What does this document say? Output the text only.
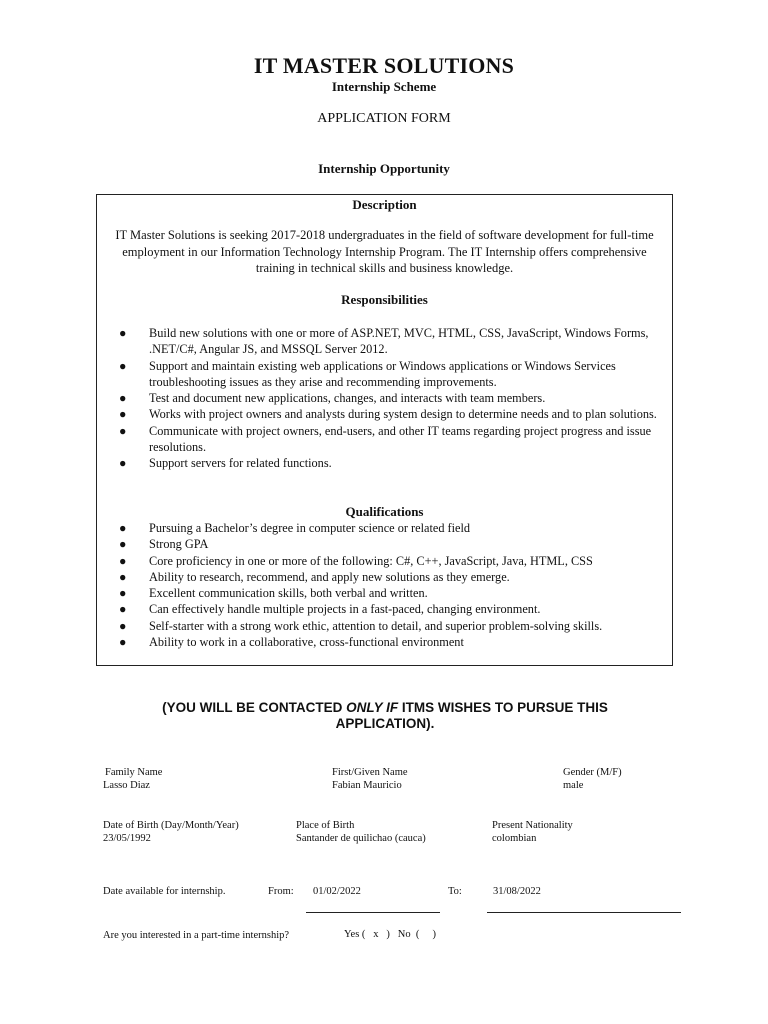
IT MASTER SOLUTIONS
Internship Scheme
APPLICATION FORM
Internship Opportunity
Description
IT Master Solutions is seeking 2017-2018 undergraduates in the field of software development for full-time employment in our Information Technology Internship Program. The IT Internship offers comprehensive training in technical skills and business knowledge.
Responsibilities
● Build new solutions with one or more of ASP.NET, MVC, HTML, CSS, JavaScript, Windows Forms, .NET/C#, Angular JS, and MSSQL Server 2012.
● Support and maintain existing web applications or Windows applications or Windows Services troubleshooting issues as they arise and recommending improvements.
● Test and document new applications, changes, and interacts with team members.
● Works with project owners and analysts during system design to determine needs and to plan solutions.
● Communicate with project owners, end-users, and other IT teams regarding project progress and issue resolutions.
● Support servers for related functions.
Qualifications
● Pursuing a Bachelor’s degree in computer science or related field
● Strong GPA
● Core proficiency in one or more of the following: C#, C++, JavaScript, Java, HTML, CSS
● Ability to research, recommend, and apply new solutions as they emerge.
● Excellent communication skills, both verbal and written.
● Can effectively handle multiple projects in a fast-paced, changing environment.
● Self-starter with a strong work ethic, attention to detail, and superior problem-solving skills.
● Ability to work in a collaborative, cross-functional environment
(YOU WILL BE CONTACTED ONLY IF ITMS WISHES TO PURSUE THIS APPLICATION).
Family Name
Lasso Diaz
First/Given Name
Fabian Mauricio
Gender (M/F)
male
Date of Birth (Day/Month/Year)
23/05/1992
Place of Birth
Santander de quilichao (cauca)
Present Nationality
colombian
Date available for internship.	From: 01/02/2022	To:	31/08/2022
Are you interested in a part-time internship?	Yes (   x   )   No  (     )
